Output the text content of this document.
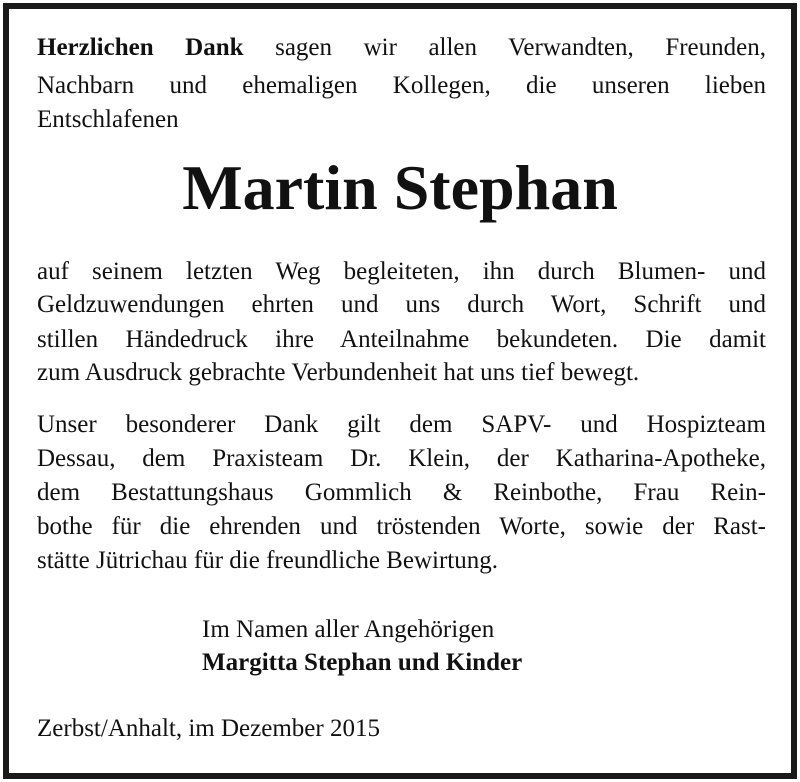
Herzlichen Dank sagen wir allen Verwandten, Freunden,
Nachbarn und ehemaligen Kollegen, die unseren lieben
Entschlafenen
Martin Stephan
auf seinem letzten Weg begleiteten, ihn durch Blumen- und
Geldzuwendungen ehrten und uns durch Wort, Schrift und
stillen Händedruck ihre Anteilnahme bekundeten. Die damit
zum Ausdruck gebrachte Verbundenheit hat uns tief bewegt.
Unser besonderer Dank gilt dem SAPV- und Hospizteam
Dessau, dem Praxisteam Dr. Klein, der Katharina-Apotheke,
dem Bestattungshaus Gommlich & Reinbothe, Frau Rein-
bothe für die ehrenden und tröstenden Worte, sowie der Rast-
stätte Jütrichau für die freundliche Bewirtung.
Im Namen aller Angehörigen
Margitta Stephan und Kinder
Zerbst/Anhalt, im Dezember 2015
